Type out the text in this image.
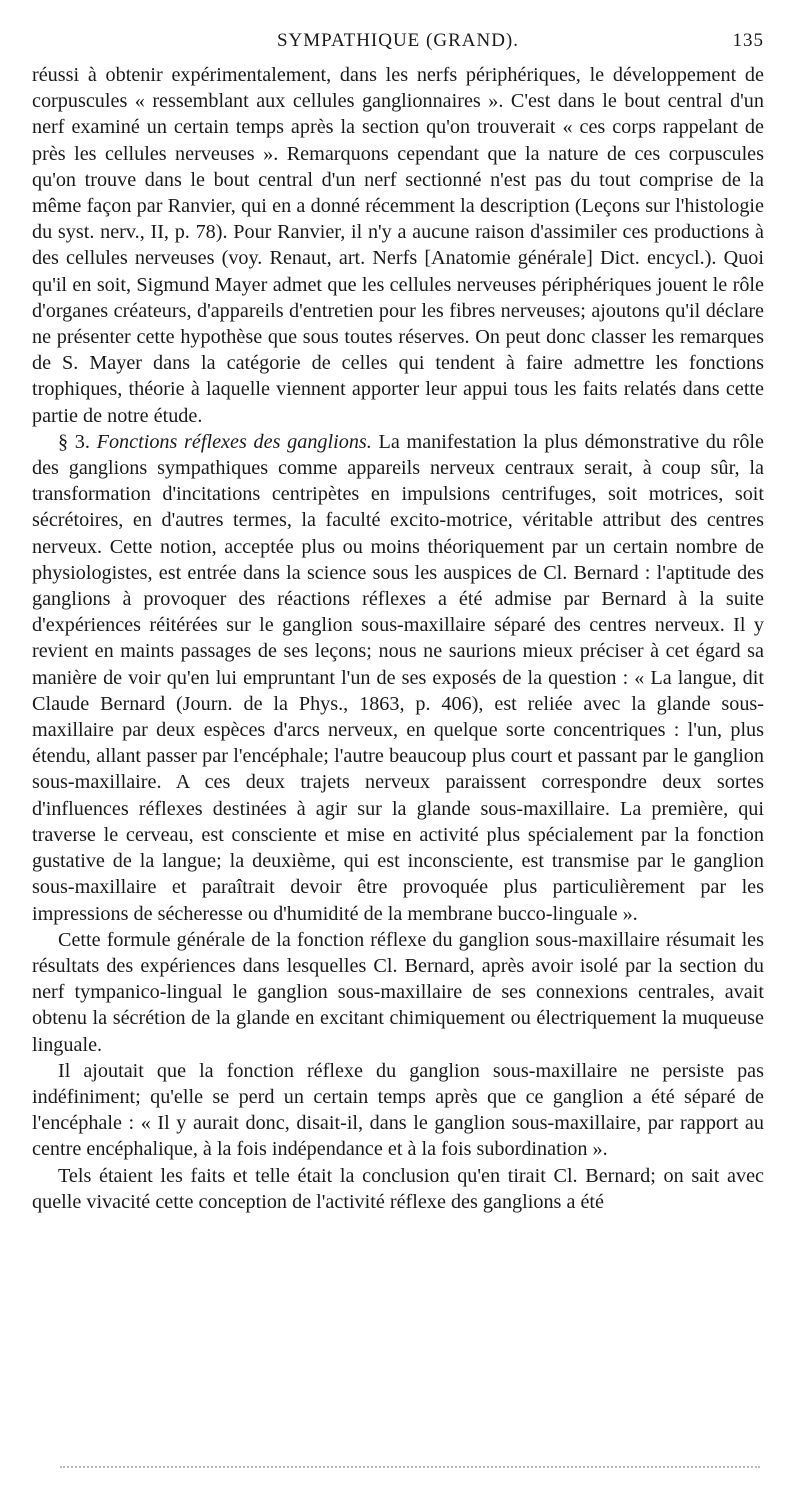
SYMPATHIQUE (GRAND).	135

réussi à obtenir expérimentalement, dans les nerfs périphériques, le développement de corpuscules « ressemblant aux cellules ganglionnaires ». C'est dans le bout central d'un nerf examiné un certain temps après la section qu'on trouverait « ces corps rappelant de près les cellules nerveuses ». Remarquons cependant que la nature de ces corpuscules qu'on trouve dans le bout central d'un nerf sectionné n'est pas du tout comprise de la même façon par Ranvier, qui en a donné récemment la description (Leçons sur l'histologie du syst. nerv., II, p. 78). Pour Ranvier, il n'y a aucune raison d'assimiler ces productions à des cellules nerveuses (voy. Renaut, art. Nerfs [Anatomie générale] Dict. encycl.). Quoi qu'il en soit, Sigmund Mayer admet que les cellules nerveuses périphériques jouent le rôle d'organes créateurs, d'appareils d'entretien pour les fibres nerveuses; ajoutons qu'il déclare ne présenter cette hypothèse que sous toutes réserves. On peut donc classer les remarques de S. Mayer dans la catégorie de celles qui tendent à faire admettre les fonctions trophiques, théorie à laquelle viennent apporter leur appui tous les faits relatés dans cette partie de notre étude.

§ 3. Fonctions réflexes des ganglions. La manifestation la plus démonstrative du rôle des ganglions sympathiques comme appareils nerveux centraux serait, à coup sûr, la transformation d'incitations centripètes en impulsions centrifuges, soit motrices, soit sécrétoires, en d'autres termes, la faculté excito-motrice, véritable attribut des centres nerveux. Cette notion, acceptée plus ou moins théoriquement par un certain nombre de physiologistes, est entrée dans la science sous les auspices de Cl. Bernard : l'aptitude des ganglions à provoquer des réactions réflexes a été admise par Bernard à la suite d'expériences réitérées sur le ganglion sous-maxillaire séparé des centres nerveux. Il y revient en maints passages de ses leçons; nous ne saurions mieux préciser à cet égard sa manière de voir qu'en lui empruntant l'un de ses exposés de la question : « La langue, dit Claude Bernard (Journ. de la Phys., 1863, p. 406), est reliée avec la glande sous-maxillaire par deux espèces d'arcs nerveux, en quelque sorte concentriques : l'un, plus étendu, allant passer par l'encéphale; l'autre beaucoup plus court et passant par le ganglion sous-maxillaire. A ces deux trajets nerveux paraissent correspondre deux sortes d'influences réflexes destinées à agir sur la glande sous-maxillaire. La première, qui traverse le cerveau, est consciente et mise en activité plus spécialement par la fonction gustative de la langue; la deuxième, qui est inconsciente, est transmise par le ganglion sous-maxillaire et paraîtrait devoir être provoquée plus particulièrement par les impressions de sécheresse ou d'humidité de la membrane bucco-linguale ».

Cette formule générale de la fonction réflexe du ganglion sous-maxillaire résumait les résultats des expériences dans lesquelles Cl. Bernard, après avoir isolé par la section du nerf tympanico-lingual le ganglion sous-maxillaire de ses connexions centrales, avait obtenu la sécrétion de la glande en excitant chimiquement ou électriquement la muqueuse linguale.

Il ajoutait que la fonction réflexe du ganglion sous-maxillaire ne persiste pas indéfiniment; qu'elle se perd un certain temps après que ce ganglion a été séparé de l'encéphale : « Il y aurait donc, disait-il, dans le ganglion sous-maxillaire, par rapport au centre encéphalique, à la fois indépendance et à la fois subordination ».

Tels étaient les faits et telle était la conclusion qu'en tirait Cl. Bernard; on sait avec quelle vivacité cette conception de l'activité réflexe des ganglions a été
